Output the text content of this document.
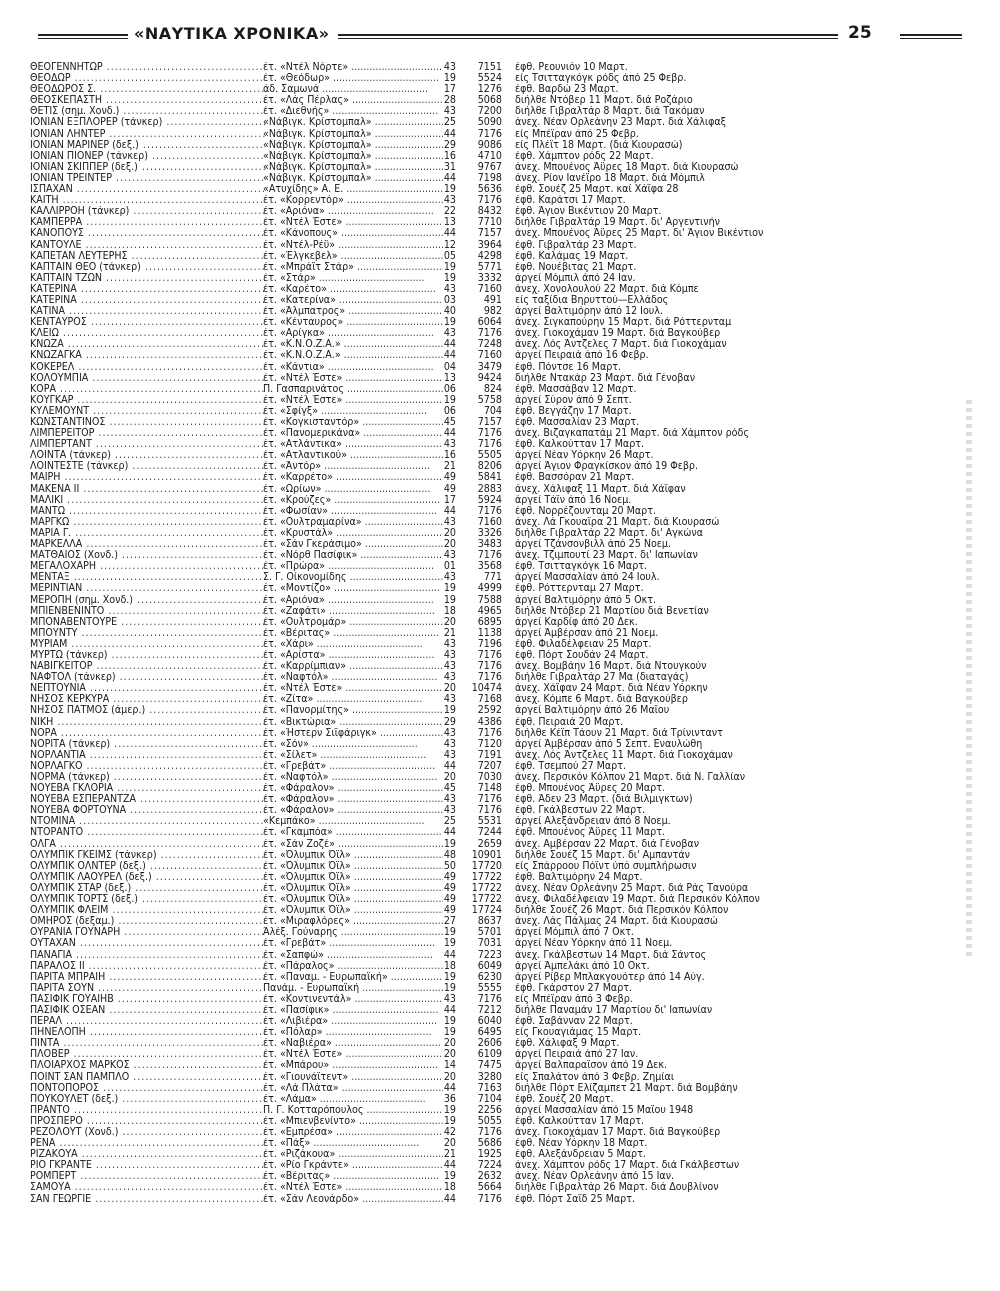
«ΝΑΥΤΙΚΑ ΧΡΟΝΙΚΑ»	25
ΘΕΟΓΕΝΝΗΤΩΡ .....	έτ. «Ντέλ Νόρτε» .....	43	7151 έφθ. Ρεουνιόν 10 Μαρτ.
ΘΕΟΔΩΡ .....	έτ. «Θεόδωρ» .....	19	5524 είς Τσιτταγκόγκ ρόδς άπό 25 Φεβρ.
ΘΕΟΔΩΡΟΣ Σ. .....	άδ. Σαμωνά .....	17	1276 έφθ. Βαρδώ 23 Μαρτ.
ΘΕΟΣΚΕΠΑΣΤΗ .....	έτ. «Λάς Πέρλας» .....	28	5068 διήλθε Ντόβερ 11 Μαρτ. διά Ροζάριο
ΘΕΤΙΣ (σημ. Χονδ.) .....	έτ. «Διεθνής» .....	43	7200 διήλθε Γιβραλτάρ 8 Μαρτ. διά Τακόμαν
ΙΟΝΙΑΝ ΕΞΠΛΟΡΕΡ (τάνκερ) .....	«Νάβιγκ. Κρίστομπαλ» .....	25	5090 άνεχ. Νέαν Ορλεάνην 23 Μαρτ. διά Χάλιφαξ
ΙΟΝΙΑΝ ΛΗΝΤΕΡ .....	«Νάβιγκ. Κρίστομπαλ» .....	44	7176 είς Μπέϊραν άπό 25 Φεβρ.
ΙΟΝΙΑΝ ΜΑΡΙΝΕΡ (δεξ.) .....	«Νάβιγκ. Κρίστομπαλ» .....	29	9086 είς Πλέϊτ 18 Μαρτ. (διά Κιουρασώ)
ΙΟΝΙΑΝ ΠΙΟΝΕΡ (τάνκερ) .....	«Νάβιγκ. Κρίστομπαλ» .....	16	4710 έφθ. Χάμπτον ρόδς 22 Μαρτ.
ΙΟΝΙΑΝ ΣΚΙΠΠΕΡ (δεξ.) .....	«Νάβιγκ. Κρίστομπαλ» .....	31	9767 άνεχ. Μπουένος Άϋρες 18 Μαρτ. διά Κιουρασώ
ΙΟΝΙΑΝ ΤΡΕΪΝΤΕΡ .....	«Νάβιγκ. Κρίστομπαλ» .....	44	7198 άνεχ. Ρίον Ιανέϊρο 18 Μαρτ. διά Μόμπιλ
ΙΣΠΑΧΑΝ .....	«Ατυχίδης» Α. Ε. .....	19	5636 έφθ. Σουέζ 25 Μαρτ. καί Χάϊφα 28
ΚΑΙΤΗ .....	έτ. «Κορρεντόρ» .....	43	7176 έφθ. Καράτσι 17 Μαρτ.
ΚΑΛΛΙΡΡΟΗ (τάνκερ) .....	έτ. «Αριόνα» .....	22	8432 έφθ. Άγιον Βικέντιον 20 Μαρτ.
ΚΑΜΠΕΡΡΑ .....	έτ. «Ντέλ Έστε» .....	13	7710 διήλθε Γιβραλτάρ 19 Μαρτ. δι' Αργεντινήν
ΚΑΝΟΠΟΥΣ .....	έτ. «Κάνοπους» .....	44	7157 άνεχ. Μπουένος Άϋρες 25 Μαρτ. δι' Άγιον Βικέντιον
ΚΑΝΤΟΥΛΕ .....	έτ. «Ντέλ-Ρέϋ» .....	12	3964 έφθ. Γιβραλτάρ 23 Μαρτ.
ΚΑΠΕΤΑΝ ΛΕΥΤΕΡΗΣ .....	έτ. «Έλγκεβελ» .....	05	4298 έφθ. Καλάμας 19 Μαρτ.
ΚΑΠΤΑΙΝ ΘΕΟ (τάνκερ) .....	έτ. «Μπράϊτ Στάρ» .....	19	5771 έφθ. Νουέβιτας 21 Μαρτ.
ΚΑΠΤΑΙΝ ΤΖΩΝ .....	έτ. «Στάρ» .....	19	3332 άργεί Μόμπιλ άπό 24 Ιαν.
ΚΑΤΕΡΙΝΑ .....	έτ. «Καρέτο» .....	43	7160 άνεχ. Χονολουλού 22 Μαρτ. διά Κόμπε
ΚΑΤΕΡΙΝΑ .....	έτ. «Κατερίνα» .....	03	491 είς ταξίδια Βηρυττού—Ελλάδος
ΚΑΤΙΝΑ .....	έτ. «Άλμπατρος» .....	40	982 άργεί Βαλτιμόρην άπό 12 Ιουλ.
ΚΕΝΤΑΥΡΟΣ .....	έτ. «Κένταυρος» .....	19	6064 άνεχ. Σιγκαπούρην 15 Μαρτ. διά Ρόττερνταμ
ΚΛΕΙΩ .....	έτ. «Αρίγκα» .....	43	7176 άνεχ. Γιοκοχάμαν 19 Μαρτ. διά Βαγκούβερ
ΚΝΩΖΑ .....	έτ. «Κ.Ν.Ο.Ζ.Α.» .....	44	7248 άνεχ. Λός Άντζελες 7 Μαρτ. διά Γιοκοχάμαν
ΚΝΩΖΑΓΚΑ .....	έτ. «Κ.Ν.Ο.Ζ.Α.» .....	44	7160 άργεί Πειραιά άπό 16 Φεβρ.
ΚΟΚΕΡΕΛ .....	έτ. «Κάντια» .....	04	3479 έφθ. Πόντσε 16 Μαρτ.
ΚΟΛΟΥΜΠΙΑ .....	έτ. «Ντέλ Έστε» .....	13	9424 διήλθε Ντακάρ 23 Μαρτ. διά Γένοβαν
ΚΟΡΑ .....	Π. Γασπαρινάτος .....	06	824 έφθ. Μασσάβαν 12 Μαρτ.
ΚΟΥΓΚΑΡ .....	έτ. «Ντέλ Έστε» .....	19	5758 άργεί Σύρον άπό 9 Σεπτ.
ΚΥΛΕΜΟΥΝΤ .....	έτ. «Σφίγξ» .....	06	704 έφθ. Βεγγάζην 17 Μαρτ.
ΚΩΝΣΤΑΝΤΙΝΟΣ .....	έτ. «Κογκισταντόρ» .....	45	7157 έφθ. Μασσαλίαν 23 Μαρτ.
ΛΙΜΠΕΡΕΪΤΟΡ .....	έτ. «Πανομερικάνα» .....	44	7176 άνεχ. Βιζαγκαπατάμ 21 Μαρτ. διά Χάμπτον ρόδς
ΛΙΜΠΕΡΤΑΝΤ .....	έτ. «Ατλάντικα» .....	43	7176 έφθ. Καλκούτταν 17 Μαρτ.
ΛΟΪΝΤΑ (τάνκερ) .....	έτ. «Ατλαντικού» .....	16	5505 άργεί Νέαν Υόρκην 26 Μαρτ.
ΛΟΪΝΤΕΣΤΕ (τάνκερ) .....	έτ. «Άντόρ» .....	21	8206 άργεί Άγιον Φραγκίσκον άπό 19 Φεβρ.
ΜΑΙΡΗ .....	έτ. «Καρρέτο» .....	49	5841 έφθ. Βασσόραν 21 Μαρτ.
ΜΑΚΕΝΑ ΙΙ .....	έτ. «Ωρίων» .....	49	2883 άνεχ. Χάλιφαξ 11 Μαρτ. διά Χάϊφαν
ΜΑΛΙΚΙ .....	έτ. «Κρούζες» .....	17	5924 άργεί Τάϊν άπό 16 Νοεμ.
ΜΑΝΤΩ .....	έτ. «Φωσίαν» .....	44	7176 έφθ. Νορρέζουνταμ 20 Μαρτ.
ΜΑΡΓΚΩ .....	έτ. «Ουλτραμαρίνα» .....	43	7160 άνεχ. Λά Γκουαΐρα 21 Μαρτ. διά Κιουρασώ
ΜΑΡΙΑ Γ. .....	έτ. «Κρυστάλ» .....	20	3326 διήλθε Γιβραλτάρ 22 Μαρτ. δι' Αγκώνα
ΜΑΡΚΕΛΛΑ .....	έτ. «Σάν Γκεράσιμο» .....	20	3483 άργεί Τζάνσονβιλλ άπό 25 Νοεμ.
ΜΑΤΘΑΙΟΣ (Χονδ.) .....	έτ. «Νόρθ Πασίφικ» .....	43	7176 άνεχ. Τζιμπουτί 23 Μαρτ. δι' Ιαπωνίαν
ΜΕΓΑΛΟΧΑΡΗ .....	έτ. «Πρώρα» .....	01	3568 έφθ. Τσιτταγκόγκ 16 Μαρτ.
ΜΕΝΤΑΞ .....	Σ. Γ. Οίκονομίδης .....	43	771 άργεί Μασσαλίαν άπό 24 Ιουλ.
ΜΕΡΙΝΤΙΑΝ .....	έτ. «Μοντίζο» .....	19	4999 έφθ. Ρόττερνταμ 27 Μαρτ.
ΜΕΡΟΠΗ (σημ. Χονδ.) .....	έτ. «Αριόνα» .....	19	7588 άργεί Βαλτιμόρην άπό 5 Οκτ.
ΜΠΙΕΝΒΕΝΙΝΤΟ .....	έτ. «Ζαφάτι» .....	18	4965 διήλθε Ντόβερ 21 Μαρτίου διά Βενετίαν
ΜΠΟΝΑΒΕΝΤΟΥΡΕ .....	έτ. «Ουλτρομάρ» .....	20	6895 άργεί Καρδίφ άπό 20 Δεκ.
ΜΠΟΥΝΤΥ .....	έτ. «Βέριτας» .....	21	1138 άργεί Άμβέρσαν άπό 21 Νοεμ.
ΜΥΡΙΑΜ .....	έτ. «Χάρι» .....	43	7196 έφθ. Φιλαδέλφειαν 25 Μαρτ.
ΜΥΡΤΩ (τάνκερ) .....	έτ. «Αρίστα» .....	43	7176 έφθ. Πόρτ Σουδάν 24 Μαρτ.
ΝΑΒΙΓΚΕΪΤΟΡ .....	έτ. «Καρρίμπιαν» .....	43	7176 άνεχ. Βομβάην 16 Μαρτ. διά Ντουγκούν
ΝΑΦΤΟΛ (τάνκερ) .....	έτ. «Ναφτόλ» .....	43	7176 διήλθε Γιβραλτάρ 27 Μα (διαταγάς)
ΝΕΠΤΟΥΝΙΑ .....	έτ. «Ντέλ Έστε» .....	20	10474 άνεχ. Χάϊφαν 24 Μαρτ. διά Νέαν Υόρκην
ΝΗΣΟΣ ΚΕΡΚΥΡΑ .....	έτ. «Ζίτα» .....	43	7168 άνεχ. Κόμπε 6 Μαρτ. διά Βαγκούβερ
ΝΗΣΟΣ ΠΑΤΜΟΣ (άμερ.) .....	έτ. «Πανορμίτης» .....	19	2592 άργεί Βαλτιμόρην άπό 26 Μαΐου
ΝΙΚΗ .....	έτ. «Βικτώρια» .....	29	4386 έφθ. Πειραιά 20 Μαρτ.
ΝΟΡΑ .....	έτ. «Ήστερν Σιϊφάριγκ» .....	43	7176 διήλθε Κέϊπ Τάουν 21 Μαρτ. διά Τρίνινταντ
ΝΟΡΙΤΑ (τάνκερ) .....	έτ. «Σόν» .....	43	7120 άργεί Άμβέρσαν άπό 5 Σεπτ. Εναυλώθη
ΝΟΡΛΑΝΤΙΑ .....	έτ. «Σίλετ» .....	43	7191 άνεχ. Λός Άντζελες 11 Μαρτ. διά Γιοκοχάμαν
ΝΟΡΛΑΓΚΟ .....	έτ. «Γρεβάτ» .....	44	7207 έφθ. Τσεμπού 27 Μαρτ.
ΝΟΡΜΑ (τάνκερ) .....	έτ. «Ναφτόλ» .....	20	7030 άνεχ. Περσικόν Κόλπον 21 Μαρτ. διά Ν. Γαλλίαν
ΝΟΥΕΒΑ ΓΚΛΟΡΙΑ .....	έτ. «Φάραλον» .....	45	7148 έφθ. Μπουένος Άϋρες 20 Μαρτ.
ΝΟΥΕΒΑ ΕΣΠΕΡΑΝΤΖΑ .....	έτ. «Φάραλον» .....	43	7176 έφθ. Άδεν 23 Μαρτ. (διά Βιλμιγκτων)
ΝΟΥΕΒΑ ΦΟΡΤΟΥΝΑ .....	έτ. «Φάραλον» .....	43	7176 έφθ. Γκάλβεστων 22 Μαρτ.
ΝΤΟΜΙΝΑ .....	«Κεμπάκο» .....	25	5531 άργεί Αλεξάνδρειαν άπό 8 Νοεμ.
ΝΤΟΡΑΝΤΟ .....	έτ. «Γκαμπόα» .....	44	7244 έφθ. Μπουένος Άϋρες 11 Μαρτ.
ΟΛΓΑ .....	έτ. «Σάν Ζοζέ» .....	19	2659 άνεχ. Αμβέρσαν 22 Μαρτ. διά Γένοβαν
ΟΛΥΜΠΙΚ ΓΚΕΪΜΣ (τάνκερ) .....	έτ. «Όλυμπικ Όϊλ» .....	48	10901 διήλθε Σουέζ 15 Μαρτ. δι' Αμπαντάν
ΟΛΥΜΠΙΚ ΟΛΝΤΕΡ (δεξ.) .....	έτ. «Όλυμπικ Όϊλ» .....	50	17720 είς Σπάρροου Πόϊντ ύπό συμπλήρωσιν
ΟΛΥΜΠΙΚ ΛΑΟΥΡΕΛ (δεξ.) .....	έτ. «Όλυμπικ Όϊλ» .....	49	17722 έφθ. Βαλτιμόρην 24 Μαρτ.
ΟΛΥΜΠΙΚ ΣΤΑΡ (δεξ.) .....	έτ. «Όλυμπικ Όϊλ» .....	49	17722 άνεχ. Νέαν Ορλεάνην 25 Μαρτ. διά Ράς Τανούρα
ΟΛΥΜΠΙΚ ΤΟΡΤΣ (δεξ.) .....	έτ. «Όλυμπικ Όϊλ» .....	49	17722 άνεχ. Φιλαδέλφειαν 19 Μαρτ. διά Περσικόν Κόλπον
ΟΛΥΜΠΙΚ ΦΛΕΪΜ .....	έτ. «Όλυμπικ Όϊλ» .....	49	17724 διήλθε Σουέζ 26 Μαρτ. διά Περσικόν Κόλπον
ΟΜΗΡΟΣ (δεξαμ.) .....	έτ. «Μιραφλόρες» .....	27	8637 άνεχ. Λάς Πάλμας 24 Μαρτ. διά Κιουρασώ
ΟΥΡΑΝΙΑ ΓΟΥΝΑΡΗ .....	Άλέξ. Γούναρης .....	19	5701 άργεί Μόμπιλ άπό 7 Οκτ.
ΟΥΤΑΧΑΝ .....	έτ. «Γρεβάτ» .....	19	7031 άργεί Νέαν Υόρκην άπό 11 Νοεμ.
ΠΑΝΑΓΙΑ .....	έτ. «Σαπφώ» .....	44	7223 άνεχ. Γκάλβεστων 14 Μαρτ. διά Σάντος
ΠΑΡΑΛΟΣ ΙΙ .....	έτ. «Πάραλος» .....	18	6049 άργεί Άμπελάκι άπό 10 Οκτ.
ΠΑΡΙΤΑ ΜΠΡΑΙΗ .....	έτ. «Παναμ. - Ευρωπαϊκή» .....	19	6230 άργεί Ρίβερ Μπλακγουότερ άπό 14 Αύγ.
ΠΑΡΙΤΑ ΣΟΥΝ .....	Πανάμ. - Ευρωπαϊκή .....	19	5555 έφθ. Γκάρστον 27 Μαρτ.
ΠΑΣΙΦΙΚ ΓΟΥΑΙΗΒ .....	έτ. «Κοντινεντάλ» .....	43	7176 είς Μπέϊραν άπό 3 Φεβρ.
ΠΑΣΙΦΙΚ ΟΣΕΑΝ .....	έτ. «Πασίφικ» .....	44	7212 διήλθε Παναμάν 17 Μαρτίου δι' Ιαπωνίαν
ΠΕΡΑΛ .....	έτ. «Λιβιέρα» .....	19	6040 έφθ. Σαβάνναν 22 Μαρτ.
ΠΗΝΕΛΟΠΗ .....	έτ. «Πόλαρ» .....	19	6495 είς Γκουαγιάμας 15 Μαρτ.
ΠΙΝΤΑ .....	έτ. «Ναβιέρα» .....	20	2606 έφθ. Χάλιφαξ 9 Μαρτ.
ΠΛΟΒΕΡ .....	έτ. «Ντέλ Έστε» .....	20	6109 άργεί Πειραιά άπό 27 Ιαν.
ΠΛΟΙΑΡΧΟΣ ΜΑΡΚΟΣ .....	έτ. «Μπάρου» .....	14	7475 άργεί Βαλπαραΐσον άπό 19 Δεκ.
ΠΟΪΝΤ ΣΑΝ ΠΑΜΠΛΟ .....	έτ. «Γιουνάϊτεντ» .....	20	3280 είς Σπαλάτον άπό 3 Φεβρ. Ζημίαι
ΠΟΝΤΟΠΟΡΟΣ .....	έτ. «Λά Πλάτα» .....	44	7163 διήλθε Πόρτ Ελίζαμπετ 21 Μαρτ. διά Βομβάην
ΠΟΥΚΟΥΛΕΤ (δεξ.) .....	έτ. «Λάμα» .....	36	7104 έφθ. Σουέζ 20 Μαρτ.
ΠΡΑΝΤΟ .....	Π. Γ. Κοτταρόπουλος .....	19	2256 άργεί Μασσαλίαν άπό 15 Μαΐου 1948
ΠΡΟΣΠΕΡΟ .....	έτ. «Μπιενβενίντο» .....	19	5055 έφθ. Καλκούτταν 17 Μαρτ.
ΡΕΖΟΛΟΥΤ (Χονδ.) .....	έτ. «Εμπρέσα» .....	42	7176 άνεχ. Γιοκοχάμαν 17 Μαρτ. διά Βαγκούβερ
ΡΕΝΑ .....	έτ. «Πάξ» .....	20	5686 έφθ. Νέαν Υόρκην 18 Μαρτ.
ΡΙΖΑΚΟΥΑ .....	έτ. «Ριζάκουα» .....	21	1925 έφθ. Αλεξάνδρειαν 5 Μαρτ.
ΡΙΟ ΓΚΡΑΝΤΕ .....	έτ. «Ρίο Γκράντε» .....	44	7224 άνεχ. Χάμπτον ρόδς 17 Μαρτ. διά Γκάλβεστων
ΡΟΜΠΕΡΤ .....	έτ. «Βέριτας» .....	19	2632 άνεχ. Νέαν Ορλεάνην άπό 15 Ιαν.
ΣΑΜΟΥΑ .....	έτ. «Ντέλ Έστε» .....	18	5664 διήλθε Γιβραλτάρ 26 Μαρτ. διά Δουβλίνον
ΣΑΝ ΓΕΩΡΓΙΕ .....	έτ. «Σάν Λεονάρδο» .....	44	7176 έφθ. Πόρτ Σαΐδ 25 Μαρτ.
